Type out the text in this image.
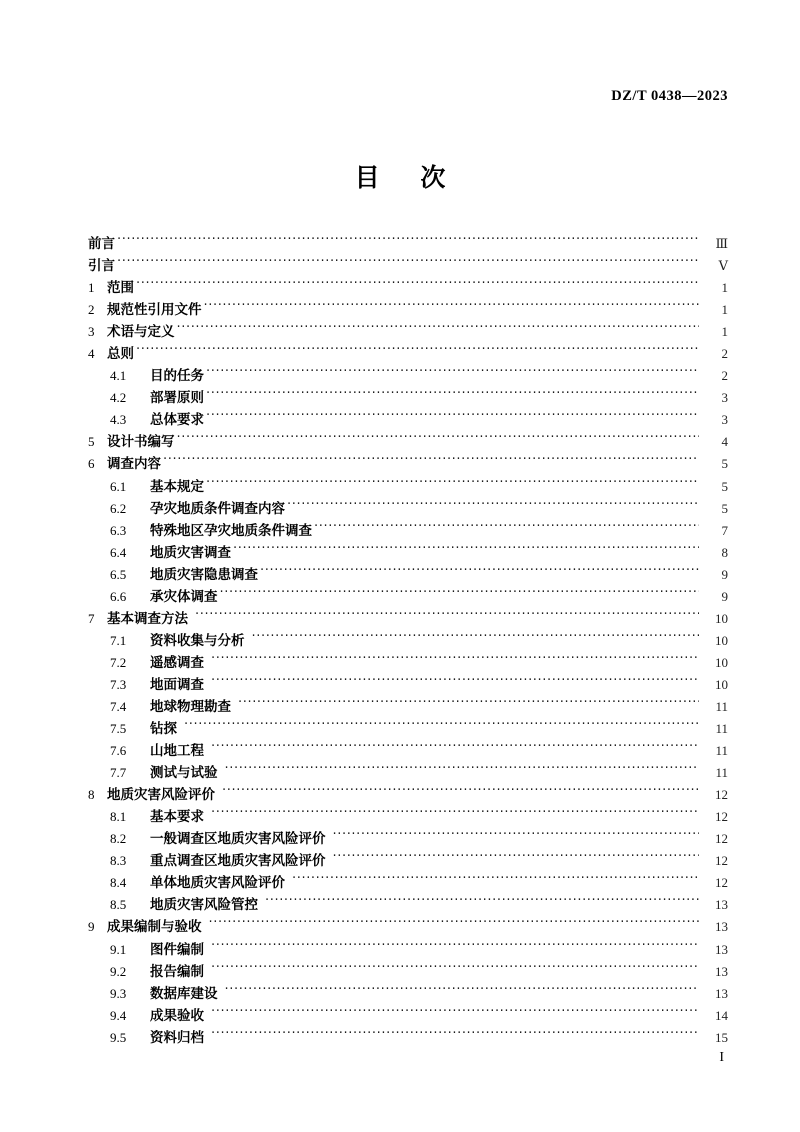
DZ/T 0438—2023
目 次
前言 ·····	Ⅲ
引言 ·····	Ⅴ
1 范围 ·····	1
2 规范性引用文件 ·····	1
3 术语与定义 ·····	1
4 总则 ·····	2
4.1	目的任务 ·····	2
4.2	部署原则 ·····	3
4.3	总体要求 ·····	3
5 设计书编写 ·····	4
6 调查内容 ·····	5
6.1	基本规定 ·····	5
6.2	孕灾地质条件调查内容 ·····	5
6.3	特殊地区孕灾地质条件调查 ·····	7
6.4	地质灾害调查 ·····	8
6.5	地质灾害隐患调查 ·····	9
6.6	承灾体调查 ·····	9
7 基本调查方法 ·····	10
7.1	资料收集与分析 ·····	10
7.2	遥感调查 ·····	10
7.3	地面调查 ·····	10
7.4	地球物理勘查 ·····	11
7.5	钻探 ·····	11
7.6	山地工程 ·····	11
7.7	测试与试验 ·····	11
8 地质灾害风险评价 ·····	12
8.1	基本要求 ·····	12
8.2	一般调查区地质灾害风险评价 ·····	12
8.3	重点调查区地质灾害风险评价 ·····	12
8.4	单体地质灾害风险评价 ·····	12
8.5	地质灾害风险管控 ·····	13
9 成果编制与验收 ·····	13
9.1	图件编制 ·····	13
9.2	报告编制 ·····	13
9.3	数据库建设 ·····	13
9.4	成果验收 ·····	14
9.5	资料归档 ·····	15
I
